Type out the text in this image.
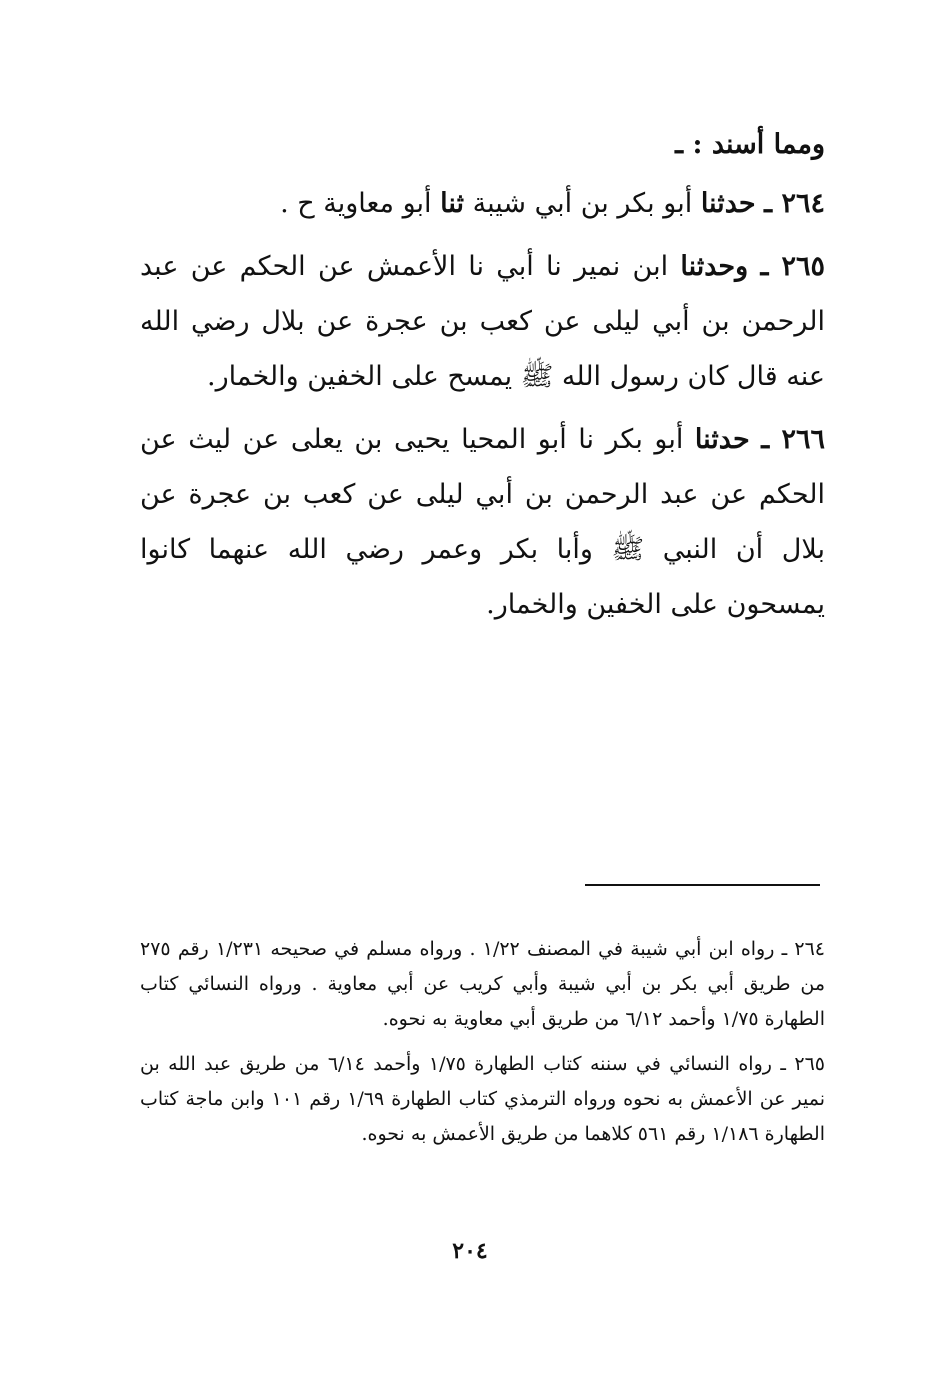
ومما أسند : ـ

٢٦٤ ـ حدثنا أبو بكر بن أبي شيبة ثنا أبو معاوية ح .

٢٦٥ ـ وحدثنا ابن نمير نا أبي نا الأعمش عن الحكم عن عبد الرحمن بن أبي ليلى عن كعب بن عجرة عن بلال رضي الله عنه قال كان رسول الله ﷺ يمسح على الخفين والخمار.

٢٦٦ ـ حدثنا أبو بكر نا أبو المحيا يحيى بن يعلى عن ليث عن الحكم عن عبد الرحمن بن أبي ليلى عن كعب بن عجرة عن بلال أن النبي ﷺ وأبا بكر وعمر رضي الله عنهما كانوا يمسحون على الخفين والخمار.

٢٦٤ ـ رواه ابن أبي شيبة في المصنف ١/٢٢ . ورواه مسلم في صحيحه ١/٢٣١ رقم ٢٧٥ من طريق أبي بكر بن أبي شيبة وأبي كريب عن أبي معاوية . ورواه النسائي كتاب الطهارة ١/٧٥ وأحمد ٦/١٢ من طريق أبي معاوية به نحوه.

٢٦٥ ـ رواه النسائي في سننه كتاب الطهارة ١/٧٥ وأحمد ٦/١٤ من طريق عبد الله بن نمير عن الأعمش به نحوه ورواه الترمذي كتاب الطهارة ١/٦٩ رقم ١٠١ وابن ماجة كتاب الطهارة ١/١٨٦ رقم ٥٦١ كلاهما من طريق الأعمش به نحوه.

٢٠٤
